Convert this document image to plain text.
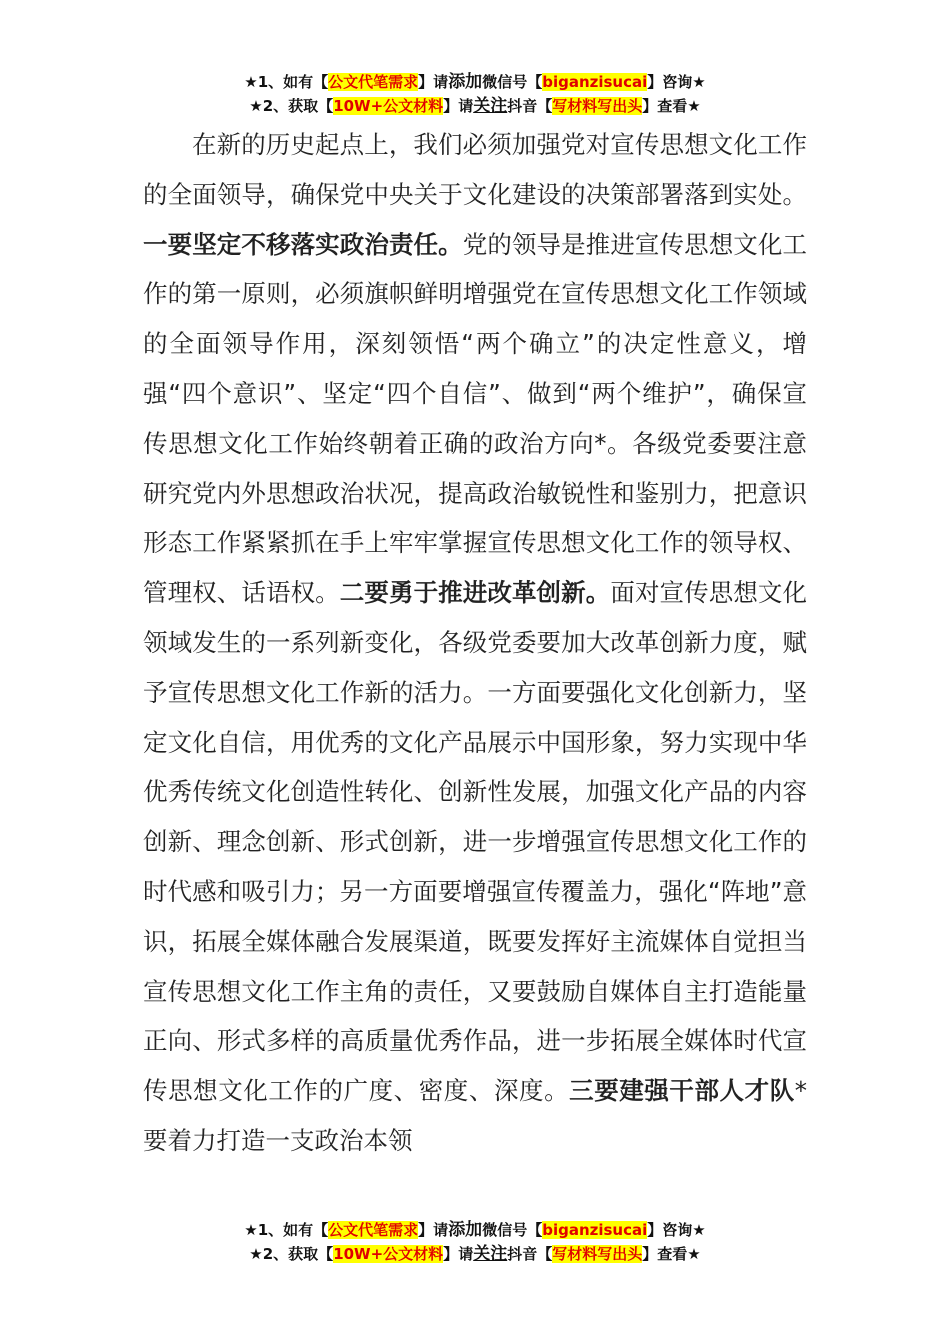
★1、如有【公文代笔需求】请添加微信号【biganzisucai】咨询★
★2、获取【10W+公文材料】请关注抖音【写材料写出头】查看★
在新的历史起点上，我们必须加强党对宣传思想文化工作的全面领导，确保党中央关于文化建设的决策部署落到实处。一要坚定不移落实政治责任。党的领导是推进宣传思想文化工作的第一原则，必须旗帜鲜明增强党在宣传思想文化工作领域的全面领导作用，深刻领悟“两个确立”的决定性意义，增强“四个意识”、坚定“四个自信”、做到“两个维护”，确保宣传思想文化工作始终朝着正确的政治方向*。各级党委要注意研究党内外思想政治状况，提高政治敏锐性和鉴别力，把意识形态工作紧紧抓在手上牢牢掌握宣传思想文化工作的领导权、管理权、话语权。二要勇于推进改革创新。面对宣传思想文化领域发生的一系列新变化，各级党委要加大改革创新力度，赋予宣传思想文化工作新的活力。一方面要强化文化创新力，坚定文化自信，用优秀的文化产品展示中国形象，努力实现中华优秀传统文化创造性转化、创新性发展，加强文化产品的内容创新、理念创新、形式创新，进一步增强宣传思想文化工作的时代感和吸引力；另一方面要增强宣传覆盖力，强化“阵地”意识，拓展全媒体融合发展渠道，既要发挥好主流媒体自觉担当宣传思想文化工作主角的责任，又要鼓励自媒体自主打造能量正向、形式多样的高质量优秀作品，进一步拓展全媒体时代宣传思想文化工作的广度、密度、深度。三要建强干部人才队*要着力打造一支政治本领
★1、如有【公文代笔需求】请添加微信号【biganzisucai】咨询★
★2、获取【10W+公文材料】请关注抖音【写材料写出头】查看★
